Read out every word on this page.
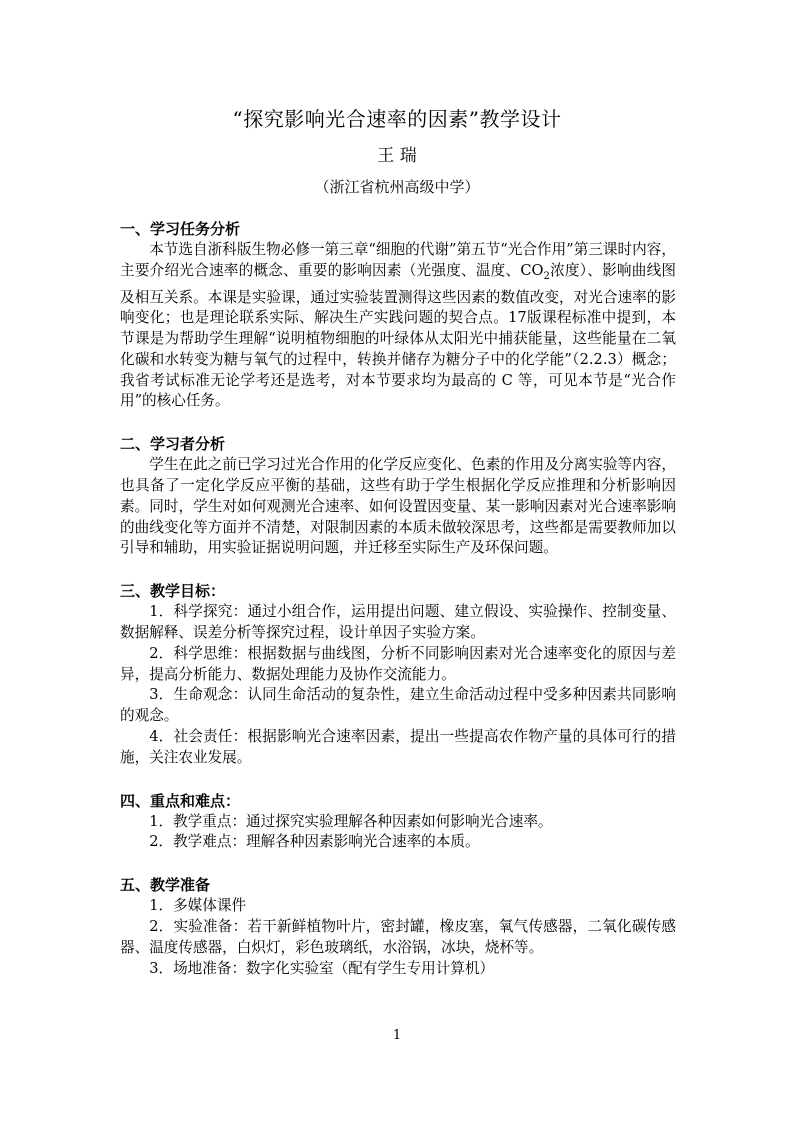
“探究影响光合速率的因素”教学设计
王 瑞
（浙江省杭州高级中学）

一、学习任务分析

本节选自浙科版生物必修一第三章“细胞的代谢”第五节“光合作用”第三课时内容，主要介绍光合速率的概念、重要的影响因素（光强度、温度、$CO_2$浓度）、影响曲线图及相互关系。本课是实验课，通过实验装置测得这些因素的数值改变，对光合速率的影响变化；也是理论联系实际、解决生产实践问题的契合点。17版课程标准中提到，本节课是为帮助学生理解“说明植物细胞的叶绿体从太阳光中捕获能量，这些能量在二氧化碳和水转变为糖与氧气的过程中，转换并储存为糖分子中的化学能”（2.2.3）概念；我省考试标准无论学考还是选考，对本节要求均为最高的 C 等，可见本节是“光合作用”的核心任务。

二、学习者分析

学生在此之前已学习过光合作用的化学反应变化、色素的作用及分离实验等内容，也具备了一定化学反应平衡的基础，这些有助于学生根据化学反应推理和分析影响因素。同时，学生对如何观测光合速率、如何设置因变量、某一影响因素对光合速率影响的曲线变化等方面并不清楚，对限制因素的本质未做较深思考，这些都是需要教师加以引导和辅助，用实验证据说明问题，并迁移至实际生产及环保问题。

三、教学目标：

1．科学探究：通过小组合作，运用提出问题、建立假设、实验操作、控制变量、数据解释、误差分析等探究过程，设计单因子实验方案。

2．科学思维：根据数据与曲线图，分析不同影响因素对光合速率变化的原因与差异，提高分析能力、数据处理能力及协作交流能力。

3．生命观念：认同生命活动的复杂性，建立生命活动过程中受多种因素共同影响的观念。

4．社会责任：根据影响光合速率因素，提出一些提高农作物产量的具体可行的措施，关注农业发展。

四、重点和难点：

1．教学重点：通过探究实验理解各种因素如何影响光合速率。

2．教学难点：理解各种因素影响光合速率的本质。

五、教学准备

1．多媒体课件

2．实验准备：若干新鲜植物叶片，密封罐，橡皮塞，氧气传感器，二氧化碳传感器、温度传感器，白炽灯，彩色玻璃纸，水浴锅，冰块，烧杯等。

3．场地准备：数字化实验室（配有学生专用计算机）

1
